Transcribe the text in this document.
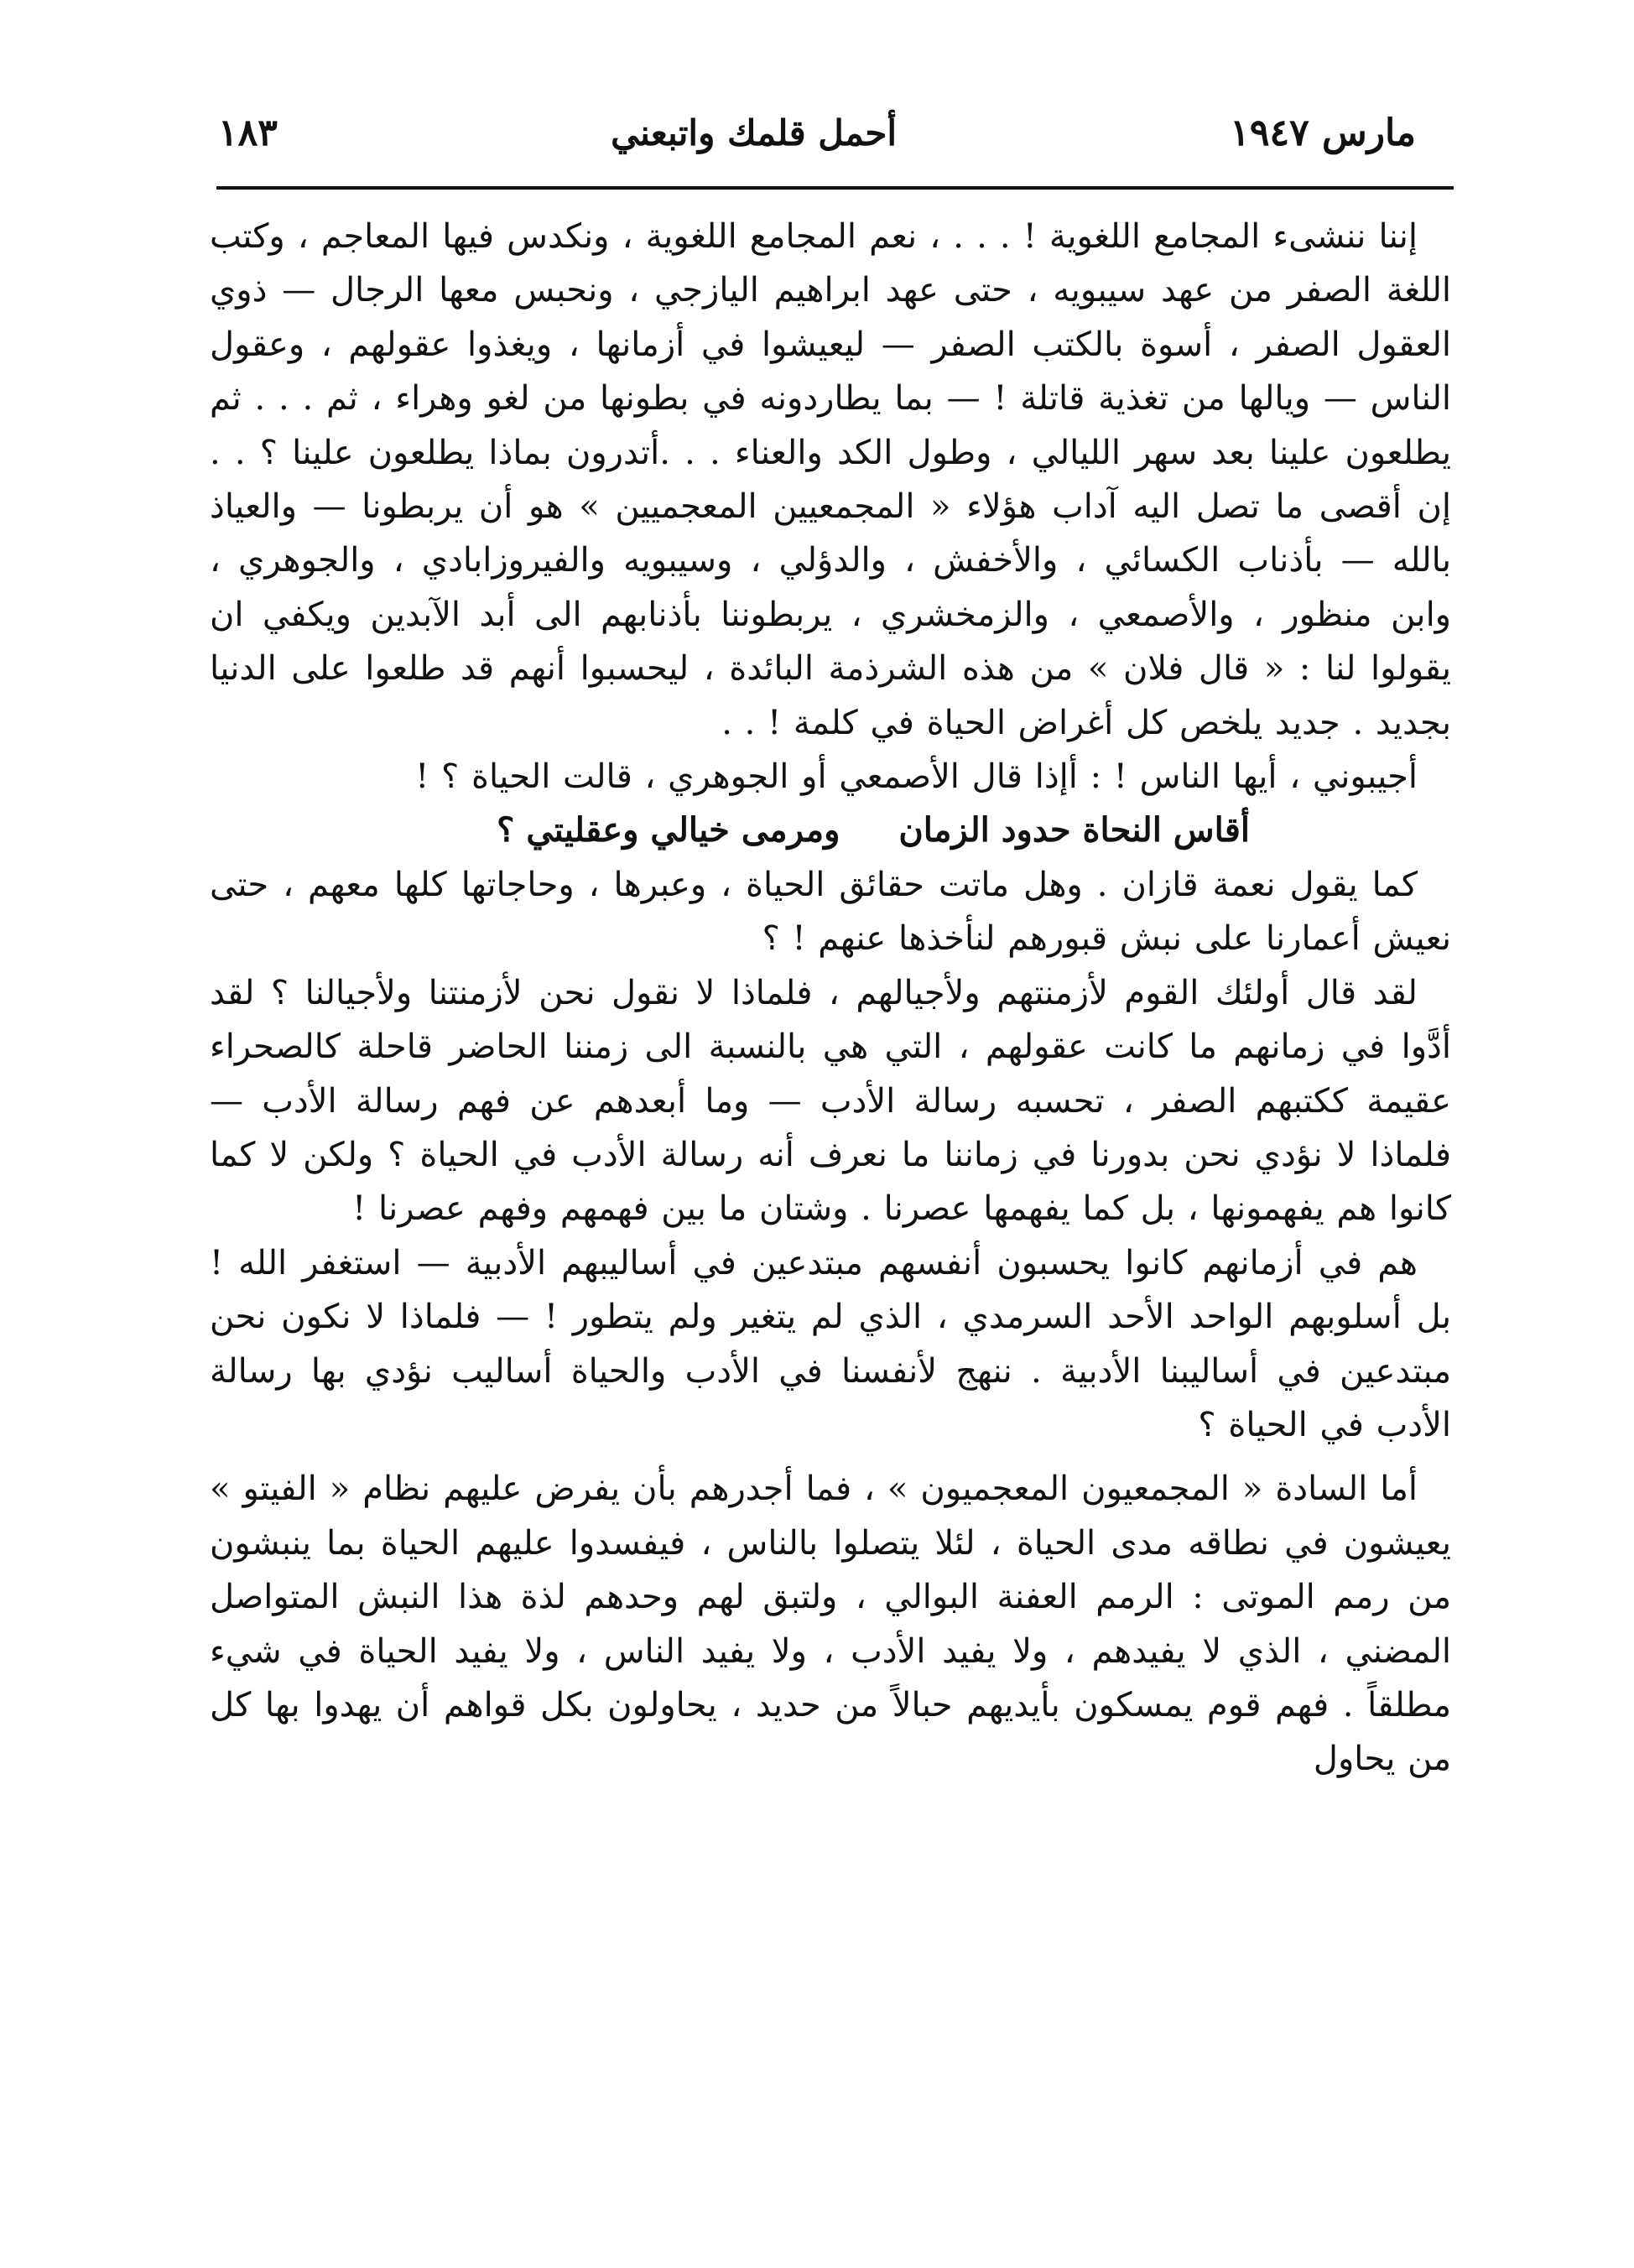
مارس ١٩٤٧
أحمل قلمك واتبعني
١٨٣

إننا ننشىء المجامع اللغوية ! . . . ، نعم المجامع اللغوية ، ونكدس فيها المعاجم ، وكتب اللغة الصفر من عهد سيبويه ، حتى عهد ابراهيم اليازجي ، ونحبس معها الرجال — ذوي العقول الصفر ، أسوة بالكتب الصفر — ليعيشوا في أزمانها ، ويغذوا عقولهم ، وعقول الناس — ويالها من تغذية قاتلة ! — بما يطاردونه في بطونها من لغو وهراء ، ثم . . . ثم يطلعون علينا بعد سهر الليالي ، وطول الكد والعناء . . .أتدرون بماذا يطلعون علينا ؟ . . إن أقصى ما تصل اليه آداب هؤلاء « المجمعيين المعجميين » هو أن يربطونا — والعياذ بالله — بأذناب الكسائي ، والأخفش ، والدؤلي ، وسيبويه والفيروزابادي ، والجوهري ، وابن منظور ، والأصمعي ، والزمخشري ، يربطوننا بأذنابهم الى أبد الآبدين ويكفي ان يقولوا لنا : « قال فلان » من هذه الشرذمة البائدة ، ليحسبوا أنهم قد طلعوا على الدنيا بجديد . جديد يلخص كل أغراض الحياة في كلمة ! . .

أجيبوني ، أيها الناس ! : أإذا قال الأصمعي أو الجوهري ، قالت الحياة ؟ !

أقاس النحاة حدود الزمانومرمى خيالي وعقليتي ؟

كما يقول نعمة قازان . وهل ماتت حقائق الحياة ، وعبرها ، وحاجاتها كلها معهم ، حتى نعيش أعمارنا على نبش قبورهم لنأخذها عنهم ! ؟

لقد قال أولئك القوم لأزمنتهم ولأجيالهم ، فلماذا لا نقول نحن لأزمنتنا ولأجيالنا ؟ لقد أدَّوا في زمانهم ما كانت عقولهم ، التي هي بالنسبة الى زمننا الحاضر قاحلة كالصحراء عقيمة ككتبهم الصفر ، تحسبه رسالة الأدب — وما أبعدهم عن فهم رسالة الأدب — فلماذا لا نؤدي نحن بدورنا في زماننا ما نعرف أنه رسالة الأدب في الحياة ؟ ولكن لا كما كانوا هم يفهمونها ، بل كما يفهمها عصرنا . وشتان ما بين فهمهم وفهم عصرنا !

هم في أزمانهم كانوا يحسبون أنفسهم مبتدعين في أساليبهم الأدبية — استغفر الله ! بل أسلوبهم الواحد الأحد السرمدي ، الذي لم يتغير ولم يتطور ! — فلماذا لا نكون نحن مبتدعين في أساليبنا الأدبية . ننهج لأنفسنا في الأدب والحياة أساليب نؤدي بها رسالة الأدب في الحياة ؟

أما السادة « المجمعيون المعجميون » ، فما أجدرهم بأن يفرض عليهم نظام « الفيتو » يعيشون في نطاقه مدى الحياة ، لئلا يتصلوا بالناس ، فيفسدوا عليهم الحياة بما ينبشون من رمم الموتى : الرمم العفنة البوالي ، ولتبق لهم وحدهم لذة هذا النبش المتواصل المضني ، الذي لا يفيدهم ، ولا يفيد الأدب ، ولا يفيد الناس ، ولا يفيد الحياة في شيء مطلقاً . فهم قوم يمسكون بأيديهم حبالاً من حديد ، يحاولون بكل قواهم أن يهدوا بها كل من يحاول
